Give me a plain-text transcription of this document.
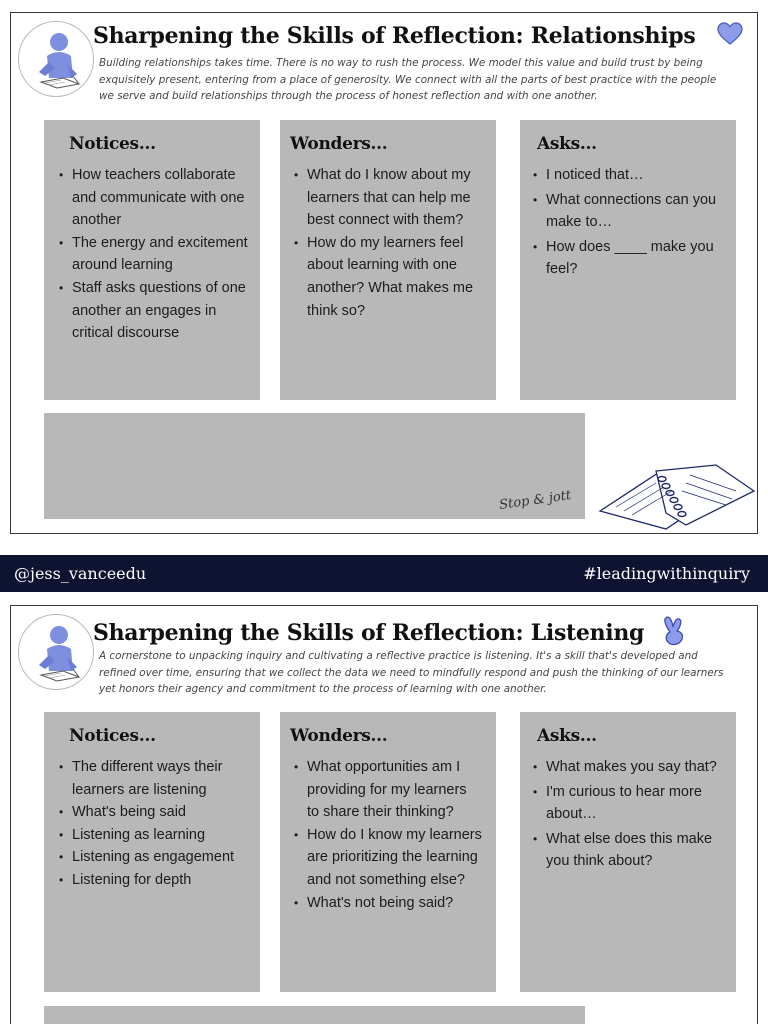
Sharpening the Skills of Reflection: Relationships

Building relationships takes time. There is no way to rush the process. We model this value and build trust by being exquisitely present, entering from a place of generosity. We connect with all the parts of best practice with the people we serve and build relationships through the process of honest reflection and with one another.

Notices...
• How teachers collaborate and communicate with one another
• The energy and excitement around learning
• Staff asks questions of one another an engages in critical discourse
Wonders...
• What do I know about my learners that can help me best connect with them?
• How do my learners feel about learning with one another? What makes me think so?
Asks...
• I noticed that…
• What connections can you make to…
• How does ____ make you feel?
Stop & jott
@jess_vanceedu	#leadingwithinquiry
Sharpening the Skills of Reflection: Listening

A cornerstone to unpacking inquiry and cultivating a reflective practice is listening. It's a skill that's developed and refined over time, ensuring that we collect the data we need to mindfully respond and push the thinking of our learners yet honors their agency and commitment to the process of learning with one another.

Notices...
• The different ways their learners are listening
• What's being said
• Listening as learning
• Listening as engagement
• Listening for depth
Wonders...
• What opportunities am I providing for my learners to share their thinking?
• How do I know my learners are prioritizing the learning and not something else?
• What's not being said?
Asks...
• What makes you say that?
• I'm curious to hear more about…
• What else does this make you think about?
